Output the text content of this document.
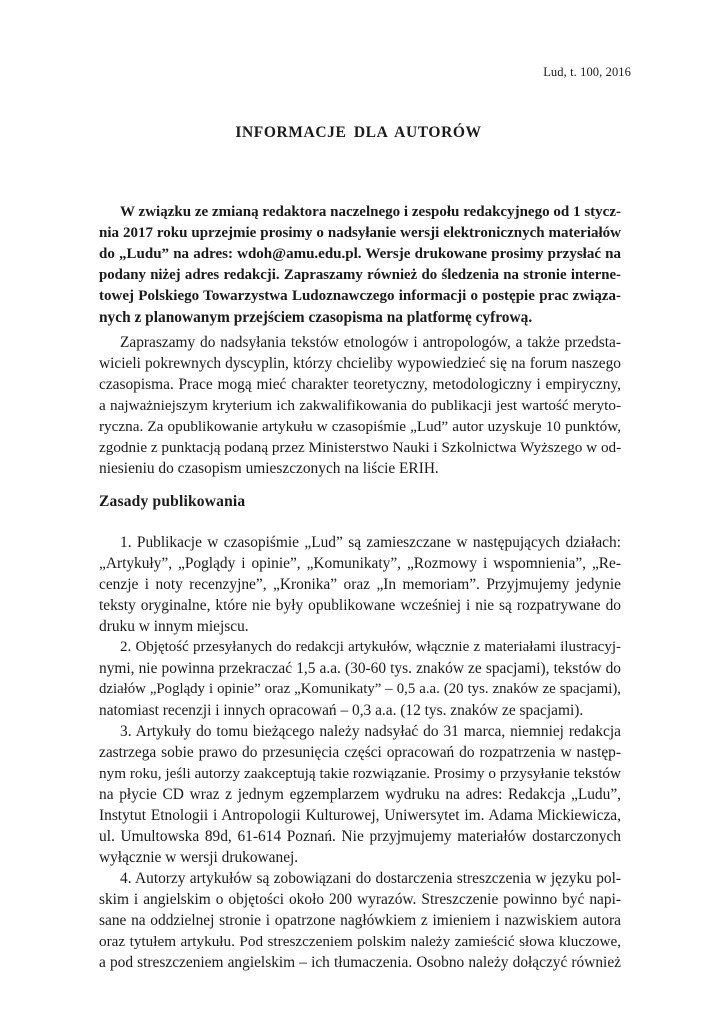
Lud, t. 100, 2016
INFORMACJE DLA AUTORÓW
W związku ze zmianą redaktora naczelnego i zespołu redakcyjnego od 1 stycz-
nia 2017 roku uprzejmie prosimy o nadsyłanie wersji elektronicznych materiałów
do „Ludu” na adres: wdoh@amu.edu.pl. Wersje drukowane prosimy przysłać na
podany niżej adres redakcji. Zapraszamy również do śledzenia na stronie interne-
towej Polskiego Towarzystwa Ludoznawczego informacji o postępie prac związa-
nych z planowanym przejściem czasopisma na platformę cyfrową.
Zapraszamy do nadsyłania tekstów etnologów i antropologów, a także przedsta-
wicieli pokrewnych dyscyplin, którzy chcieliby wypowiedzieć się na forum naszego
czasopisma. Prace mogą mieć charakter teoretyczny, metodologiczny i empiryczny,
a najważniejszym kryterium ich zakwalifikowania do publikacji jest wartość meryto-
ryczna. Za opublikowanie artykułu w czasopiśmie „Lud” autor uzyskuje 10 punktów,
zgodnie z punktacją podaną przez Ministerstwo Nauki i Szkolnictwa Wyższego w od-
niesieniu do czasopism umieszczonych na liście ERIH.
Zasady publikowania
1. Publikacje w czasopiśmie „Lud” są zamieszczane w następujących działach:
„Artykuły”, „Poglądy i opinie”, „Komunikaty”, „Rozmowy i wspomnienia”, „Re-
cenzje i noty recenzyjne”, „Kronika” oraz „In memoriam”. Przyjmujemy jedynie
teksty oryginalne, które nie były opublikowane wcześniej i nie są rozpatrywane do
druku w innym miejscu.
2. Objętość przesyłanych do redakcji artykułów, włącznie z materiałami ilustracyj-
nymi, nie powinna przekraczać 1,5 a.a. (30-60 tys. znaków ze spacjami), tekstów do
działów „Poglądy i opinie” oraz „Komunikaty” – 0,5 a.a. (20 tys. znaków ze spacjami),
natomiast recenzji i innych opracowań – 0,3 a.a. (12 tys. znaków ze spacjami).
3. Artykuły do tomu bieżącego należy nadsyłać do 31 marca, niemniej redakcja
zastrzega sobie prawo do przesunięcia części opracowań do rozpatrzenia w następ-
nym roku, jeśli autorzy zaakceptują takie rozwiązanie. Prosimy o przysyłanie tekstów
na płycie CD wraz z jednym egzemplarzem wydruku na adres: Redakcja „Ludu”,
Instytut Etnologii i Antropologii Kulturowej, Uniwersytet im. Adama Mickiewicza,
ul. Umultowska 89d, 61-614 Poznań. Nie przyjmujemy materiałów dostarczonych
wyłącznie w wersji drukowanej.
4. Autorzy artykułów są zobowiązani do dostarczenia streszczenia w języku pol-
skim i angielskim o objętości około 200 wyrazów. Streszczenie powinno być napi-
sane na oddzielnej stronie i opatrzone nagłówkiem z imieniem i nazwiskiem autora
oraz tytułem artykułu. Pod streszczeniem polskim należy zamieścić słowa kluczowe,
a pod streszczeniem angielskim – ich tłumaczenia. Osobno należy dołączyć również
